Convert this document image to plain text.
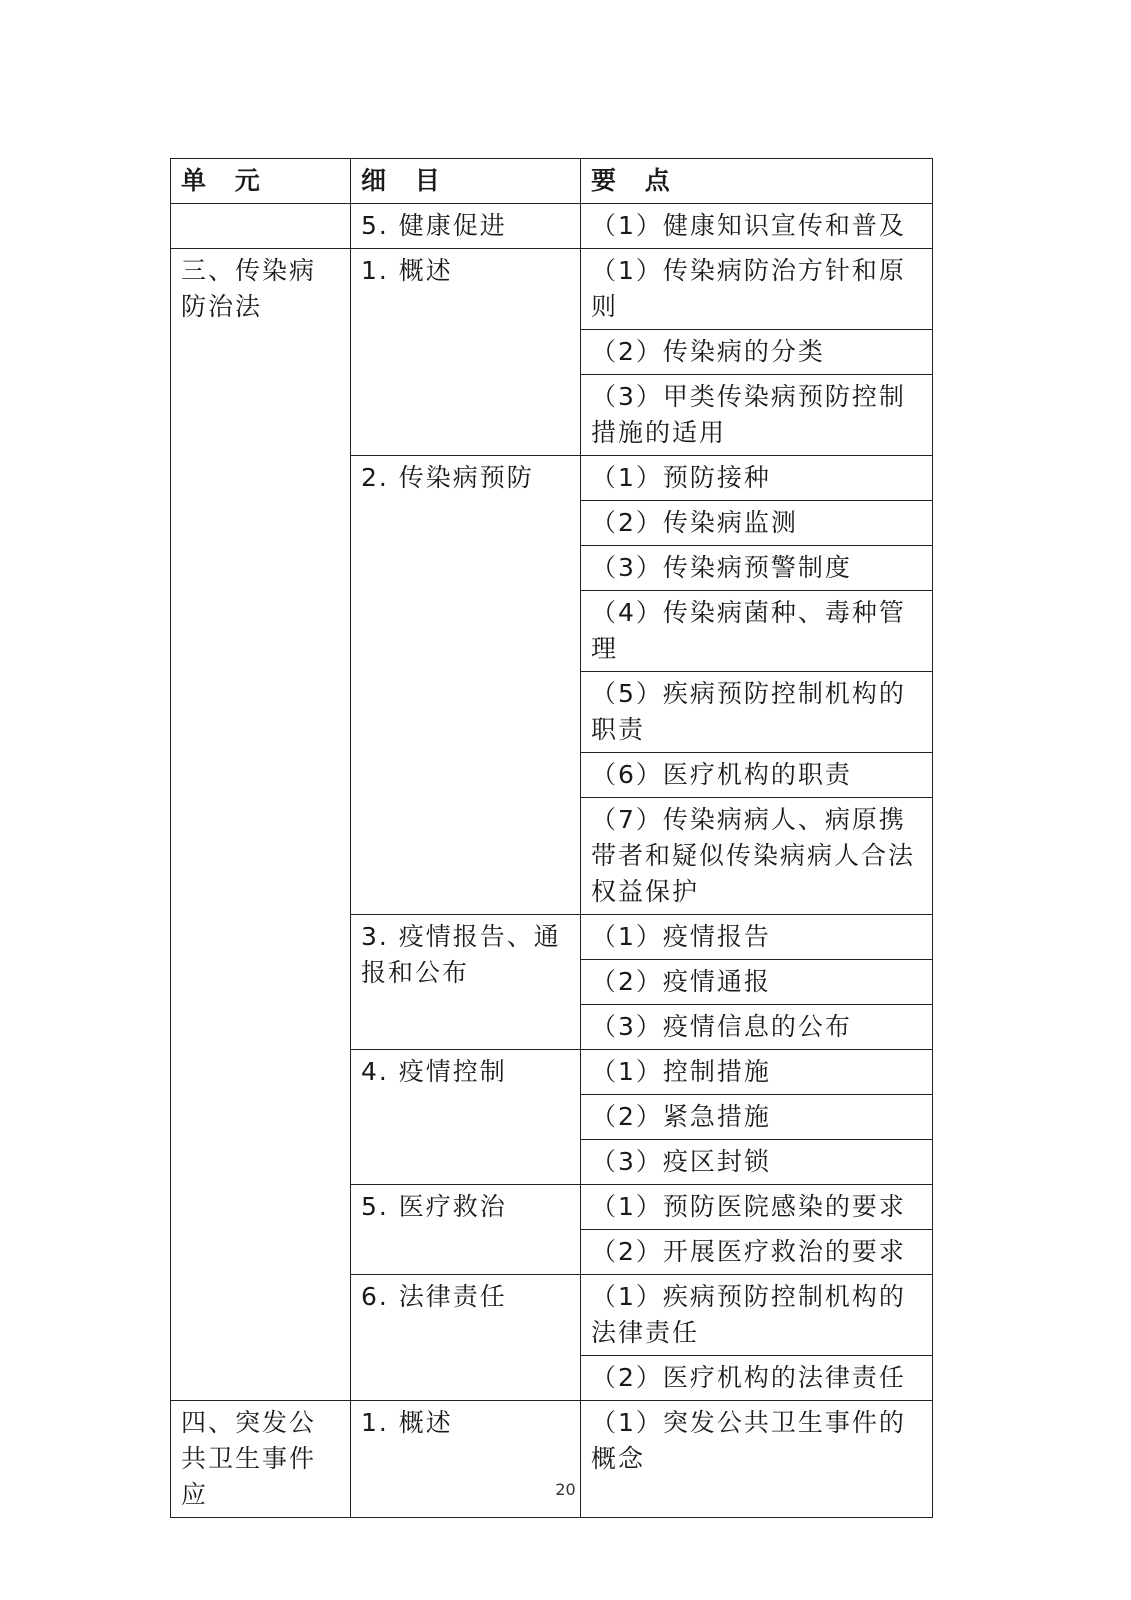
单 元	细 目	要 点
	5. 健康促进	（1）健康知识宣传和普及
三、传染病防治法	1. 概述	（1）传染病防治方针和原则
		（2）传染病的分类
		（3）甲类传染病预防控制措施的适用
	2. 传染病预防	（1）预防接种
		（2）传染病监测
		（3）传染病预警制度
		（4）传染病菌种、毒种管理
		（5）疾病预防控制机构的职责
		（6）医疗机构的职责
		（7）传染病病人、病原携带者和疑似传染病病人合法权益保护
	3. 疫情报告、通报和公布	（1）疫情报告
		（2）疫情通报
		（3）疫情信息的公布
	4. 疫情控制	（1）控制措施
		（2）紧急措施
		（3）疫区封锁
	5. 医疗救治	（1）预防医院感染的要求
		（2）开展医疗救治的要求
	6. 法律责任	（1）疾病预防控制机构的法律责任
		（2）医疗机构的法律责任
四、突发公共卫生事件应	1. 概述	（1）突发公共卫生事件的概念
20
